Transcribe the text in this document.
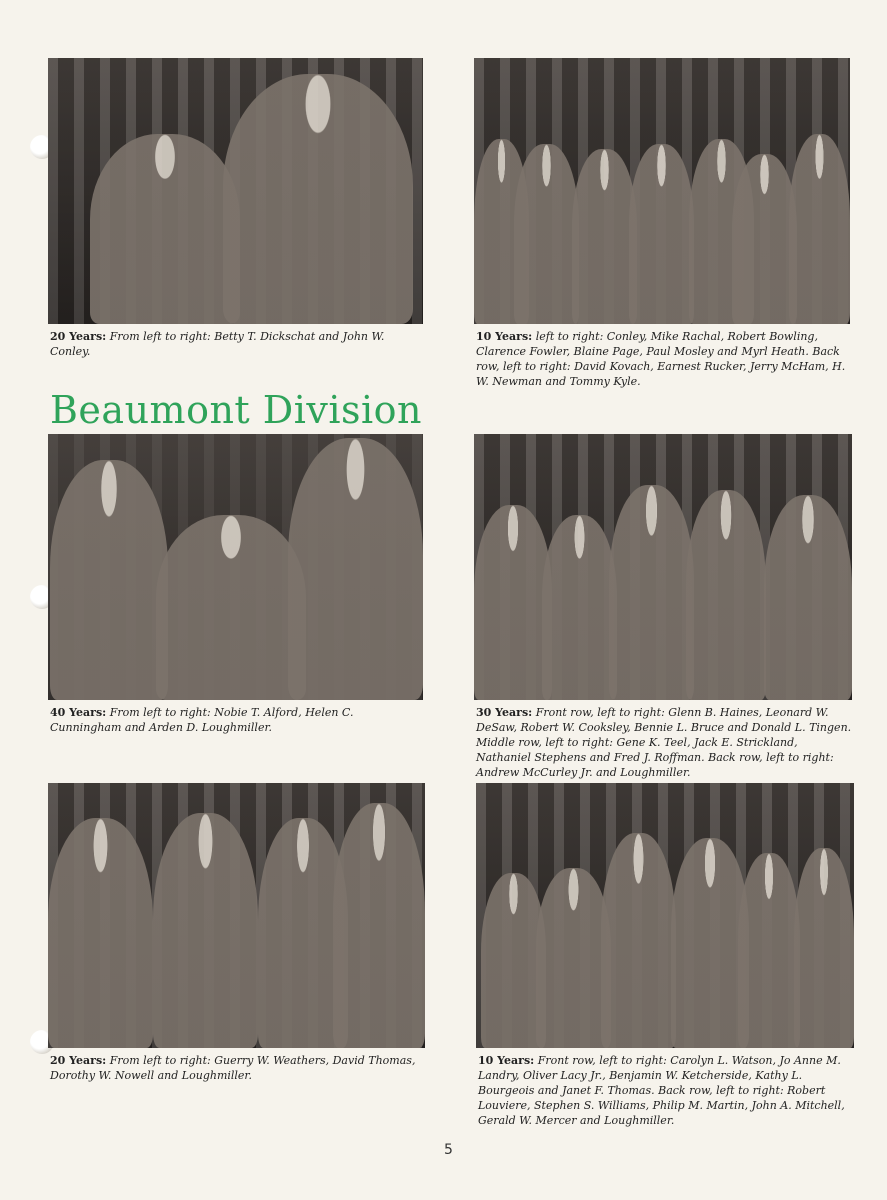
20 Years: From left to right: Betty T. Dickschat and John W. Conley.
10 Years: left to right: Conley, Mike Rachal, Robert Bowling, Clarence Fowler, Blaine Page, Paul Mosley and Myrl Heath. Back row, left to right: David Kovach, Earnest Rucker, Jerry McHam, H. W. Newman and Tommy Kyle.
Beaumont Division
40 Years: From left to right: Nobie T. Alford, Helen C. Cunningham and Arden D. Loughmiller.
30 Years: Front row, left to right: Glenn B. Haines, Leonard W. DeSaw, Robert W. Cooksley, Bennie L. Bruce and Donald L. Tingen. Middle row, left to right: Gene K. Teel, Jack E. Strickland, Nathaniel Stephens and Fred J. Roffman. Back row, left to right: Andrew McCurley Jr. and Loughmiller.
20 Years: From left to right: Guerry W. Weathers, David Thomas, Dorothy W. Nowell and Loughmiller.
10 Years: Front row, left to right: Carolyn L. Watson, Jo Anne M. Landry, Oliver Lacy Jr., Benjamin W. Ketcherside, Kathy L. Bourgeois and Janet F. Thomas. Back row, left to right: Robert Louviere, Stephen S. Williams, Philip M. Martin, John A. Mitchell, Gerald W. Mercer and Loughmiller.
5
